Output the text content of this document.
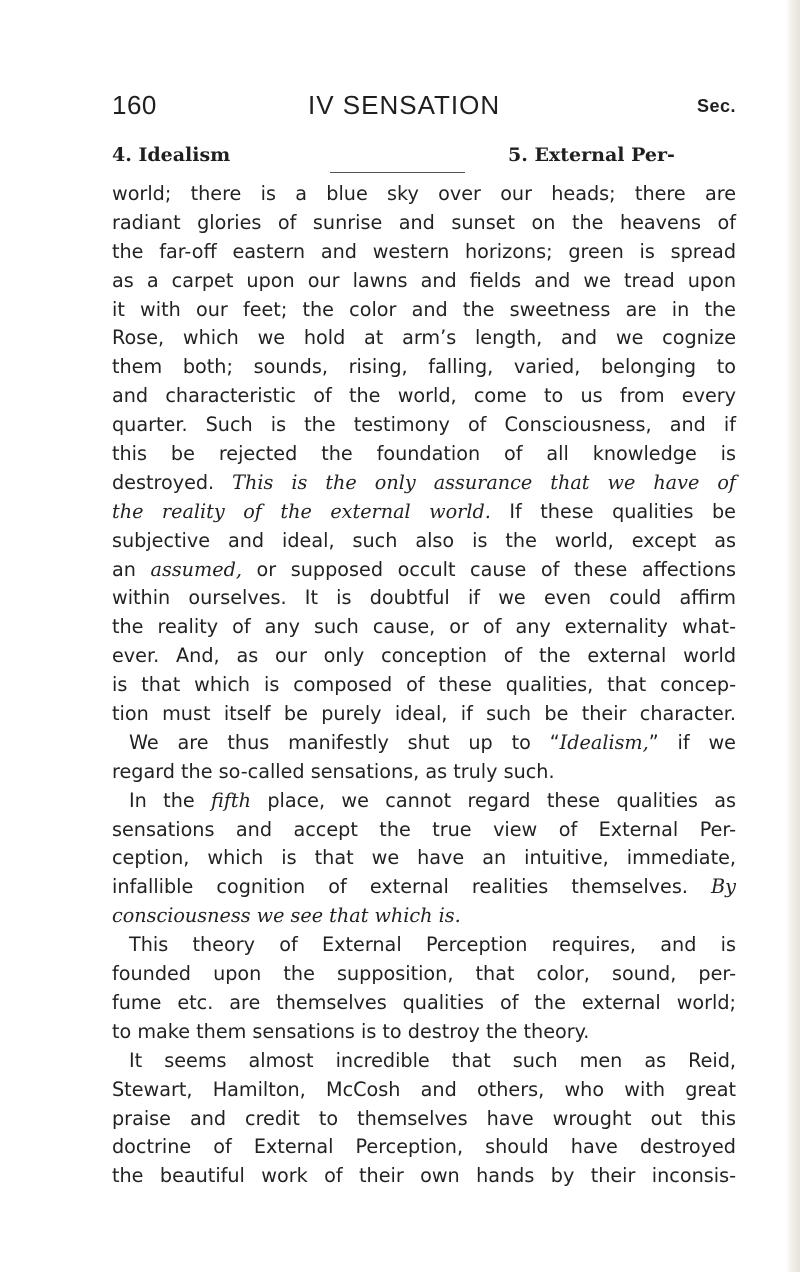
160	IV SENSATION	Sec.
4. Idealism	5. External Per-
world; there is a blue sky over our heads; there are
radiant glories of sunrise and sunset on the heavens of
the far-off eastern and western horizons; green is spread
as a carpet upon our lawns and fields and we tread upon
it with our feet; the color and the sweetness are in the
Rose, which we hold at arm’s length, and we cognize
them both; sounds, rising, falling, varied, belonging to
and characteristic of the world, come to us from every
quarter. Such is the testimony of Consciousness, and if
this be rejected the foundation of all knowledge is
destroyed. This is the only assurance that we have of
the reality of the external world. If these qualities be
subjective and ideal, such also is the world, except as
an assumed, or supposed occult cause of these affections
within ourselves. It is doubtful if we even could affirm
the reality of any such cause, or of any externality what-
ever. And, as our only conception of the external world
is that which is composed of these qualities, that concep-
tion must itself be purely ideal, if such be their character.
We are thus manifestly shut up to “Idealism,” if we
regard the so-called sensations, as truly such.
In the fifth place, we cannot regard these qualities as
sensations and accept the true view of External Per-
ception, which is that we have an intuitive, immediate,
infallible cognition of external realities themselves. By
consciousness we see that which is.
This theory of External Perception requires, and is
founded upon the supposition, that color, sound, per-
fume etc. are themselves qualities of the external world;
to make them sensations is to destroy the theory.
It seems almost incredible that such men as Reid,
Stewart, Hamilton, McCosh and others, who with great
praise and credit to themselves have wrought out this
doctrine of External Perception, should have destroyed
the beautiful work of their own hands by their inconsis-
